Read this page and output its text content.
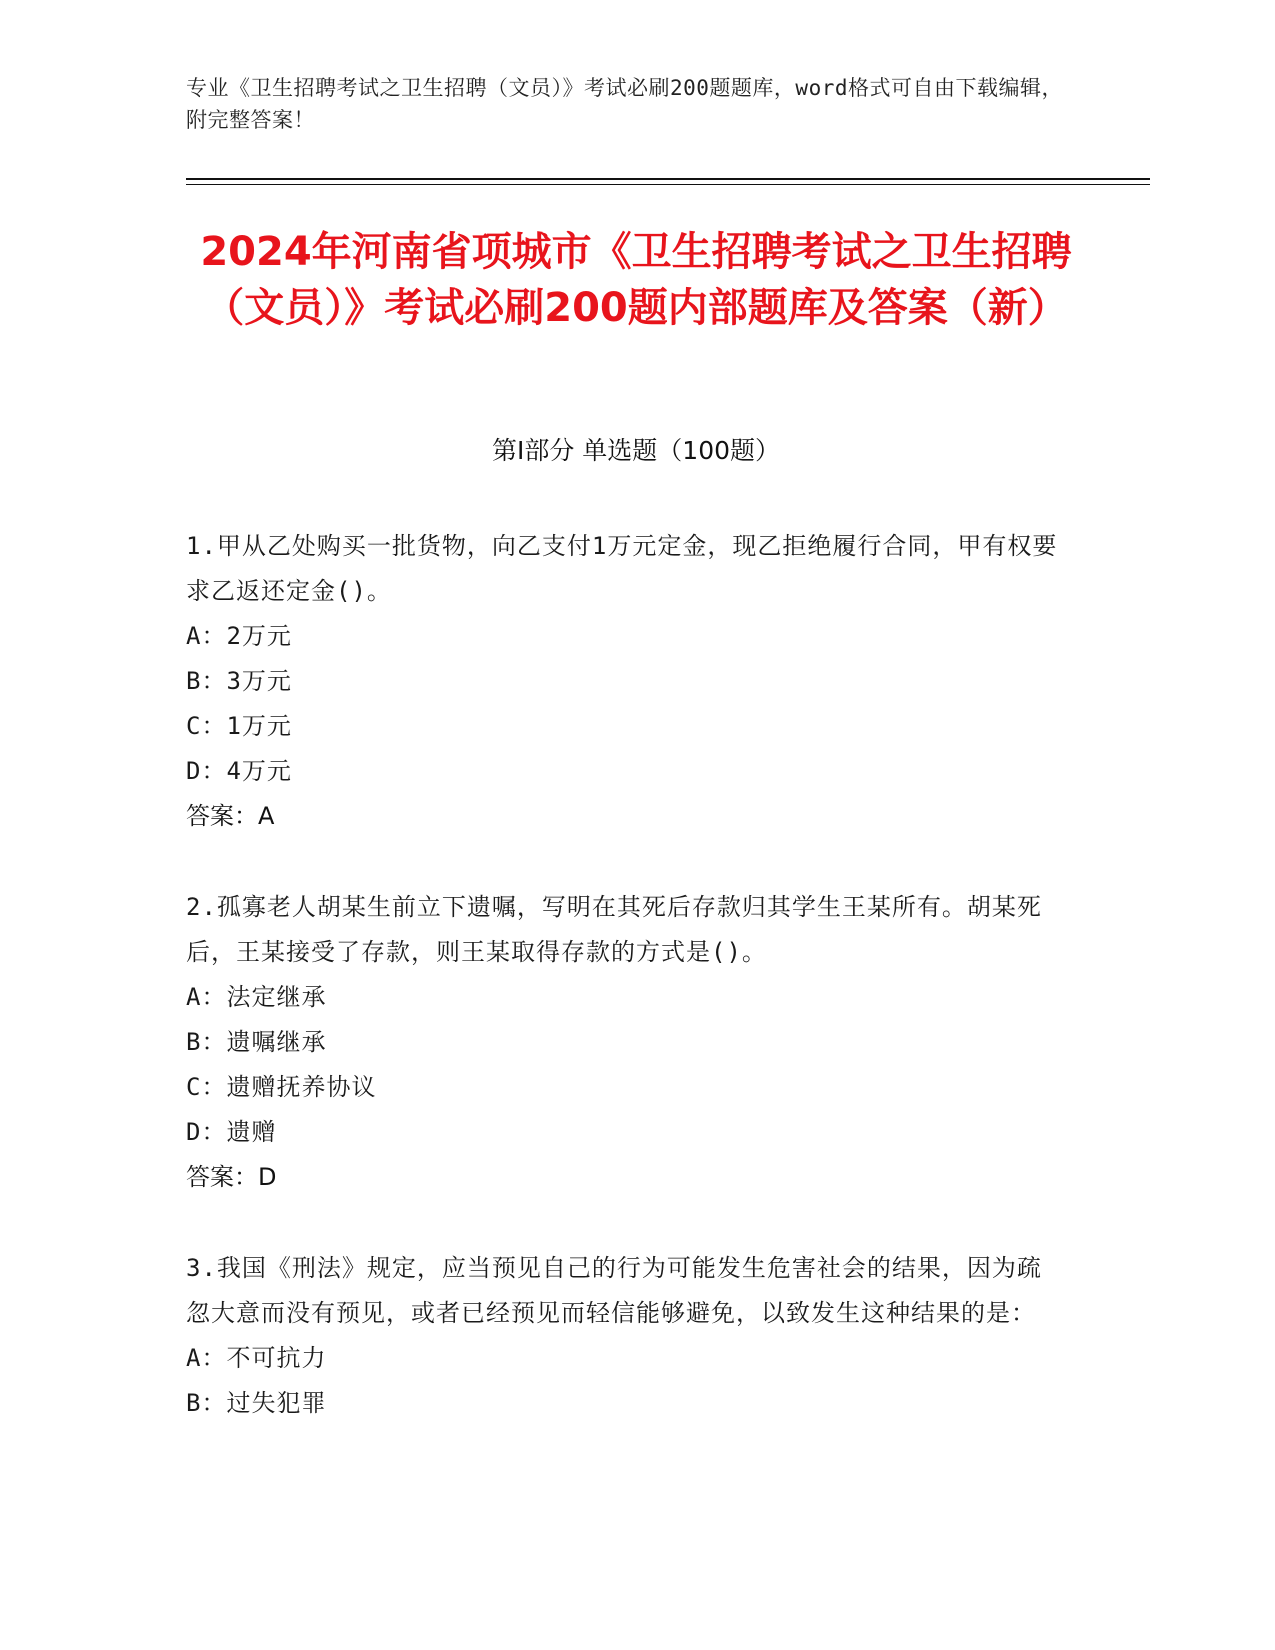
专业《卫生招聘考试之卫生招聘（文员）》考试必刷200题题库，word格式可自由下载编辑，附完整答案！
2024年河南省项城市《卫生招聘考试之卫生招聘（文员）》考试必刷200题内部题库及答案（新）
第I部分 单选题（100题）

1.甲从乙处购买一批货物，向乙支付1万元定金，现乙拒绝履行合同，甲有权要求乙返还定金()。

A： 2万元

B： 3万元

C： 1万元

D： 4万元

答案：A

2.孤寡老人胡某生前立下遗嘱，写明在其死后存款归其学生王某所有。胡某死后，王某接受了存款，则王某取得存款的方式是()。

A： 法定继承

B： 遗嘱继承

C： 遗赠抚养协议

D： 遗赠

答案：D

3.我国《刑法》规定，应当预见自己的行为可能发生危害社会的结果，因为疏忽大意而没有预见，或者已经预见而轻信能够避免，以致发生这种结果的是：

A： 不可抗力

B： 过失犯罪
